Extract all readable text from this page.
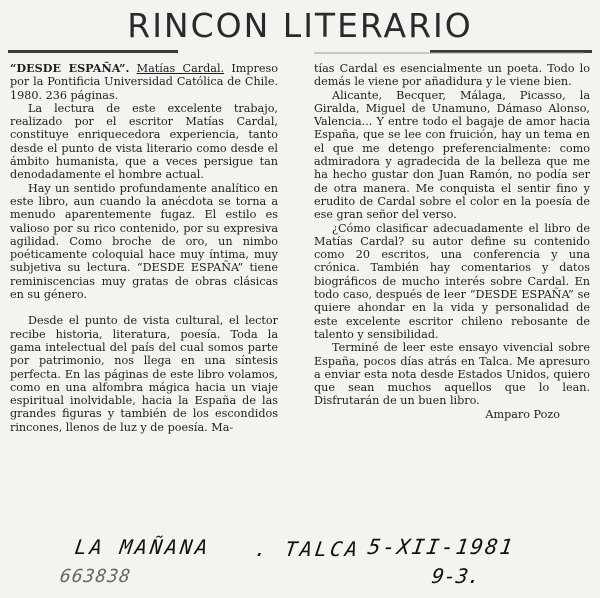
RINCON LITERARIO

“DESDE ESPAÑA”. Matías Cardal. Impreso por la Pontificia Universidad Católica de Chile. 1980. 236 páginas.

La lectura de este excelente trabajo, realizado por el escritor Matías Cardal, constituye enriquecedora experiencia, tanto desde el punto de vista literario como desde el ámbito humanista, que a veces persigue tan denodadamente el hombre actual.

Hay un sentido profundamente analítico en este libro, aun cuando la anécdota se torna a menudo aparentemente fugaz. El estilo es valioso por su rico contenido, por su expresiva agilidad. Como broche de oro, un nimbo poéticamente coloquial hace muy íntima, muy subjetiva su lectura. “DESDE ESPAÑA” tiene reminiscencias muy gratas de obras clásicas en su género.

Desde el punto de vista cultural, el lector recibe historia, literatura, poesía. Toda la gama intelectual del país del cual somos parte por patrimonio, nos llega en una síntesis perfecta. En las páginas de este libro volamos, como en una alfombra mágica hacia un viaje espiritual inolvidable, hacia la España de las grandes figuras y también de los escondidos rincones, llenos de luz y de poesía. Ma-

tías Cardal es esencialmente un poeta. Todo lo demás le viene por añadidura y le viene bien.

Alicante, Becquer, Málaga, Picasso, la Giralda, Miguel de Unamuno, Dámaso Alonso, Valencia... Y entre todo el bagaje de amor hacia España, que se lee con fruición, hay un tema en el que me detengo preferencialmente: como admiradora y agradecida de la belleza que me ha hecho gustar don Juan Ramón, no podía ser de otra manera. Me conquista el sentir fino y erudito de Cardal sobre el color en la poesía de ese gran señor del verso.

¿Cómo clasificar adecuadamente el libro de Matías Cardal? su autor define su contenido como 20 escritos, una conferencia y una crónica. También hay comentarios y datos biográficos de mucho interés sobre Cardal. En todo caso, después de leer “DESDE ESPAÑA” se quiere ahondar en la vida y personalidad de este excelente escritor chileno rebosante de talento y sensibilidad.

Terminé de leer este ensayo vivencial sobre España, pocos días atrás en Talca. Me apresuro a enviar esta nota desde Estados Unidos, quiero que sean muchos aquellos que lo lean. Disfrutarán de un buen libro.

Amparo Pozo

LA MAÑANA . TALCA 5-XII-1981
663838	9-3.
